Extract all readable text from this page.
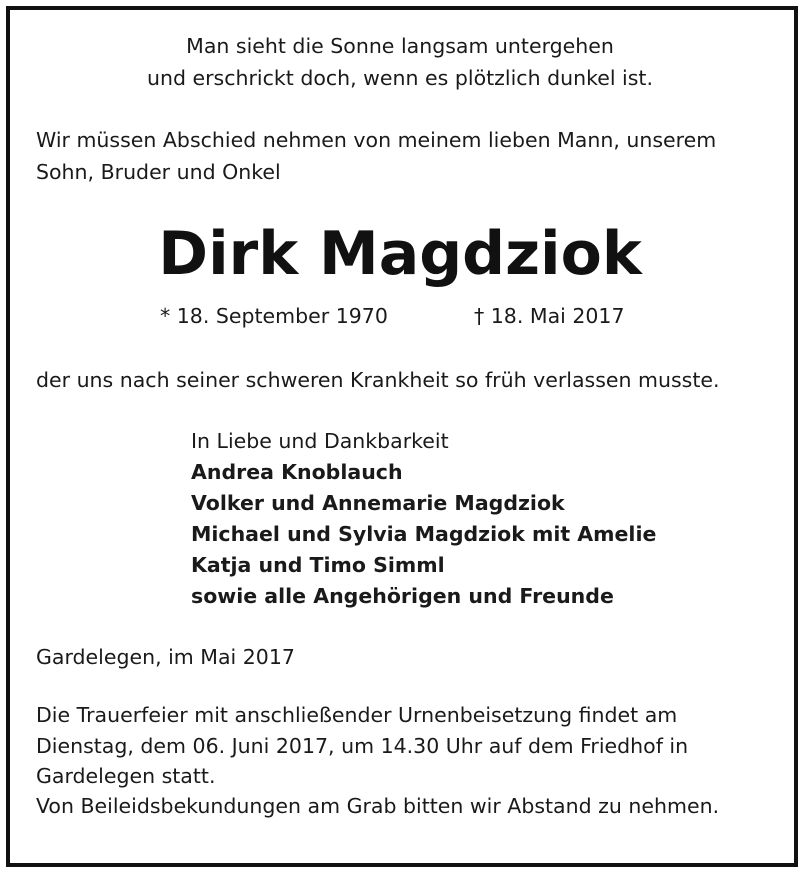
Man sieht die Sonne langsam untergehen
und erschrickt doch, wenn es plötzlich dunkel ist.
Wir müssen Abschied nehmen von meinem lieben Mann, unserem
Sohn, Bruder und Onkel
Dirk Magdziok
* 18. September 1970	† 18. Mai 2017
der uns nach seiner schweren Krankheit so früh verlassen musste.
In Liebe und Dankbarkeit
Andrea Knoblauch
Volker und Annemarie Magdziok
Michael und Sylvia Magdziok mit Amelie
Katja und Timo Simml
sowie alle Angehörigen und Freunde
Gardelegen, im Mai 2017
Die Trauerfeier mit anschließender Urnenbeisetzung findet am
Dienstag, dem 06. Juni 2017, um 14.30 Uhr auf dem Friedhof in
Gardelegen statt.
Von Beileidsbekundungen am Grab bitten wir Abstand zu nehmen.
